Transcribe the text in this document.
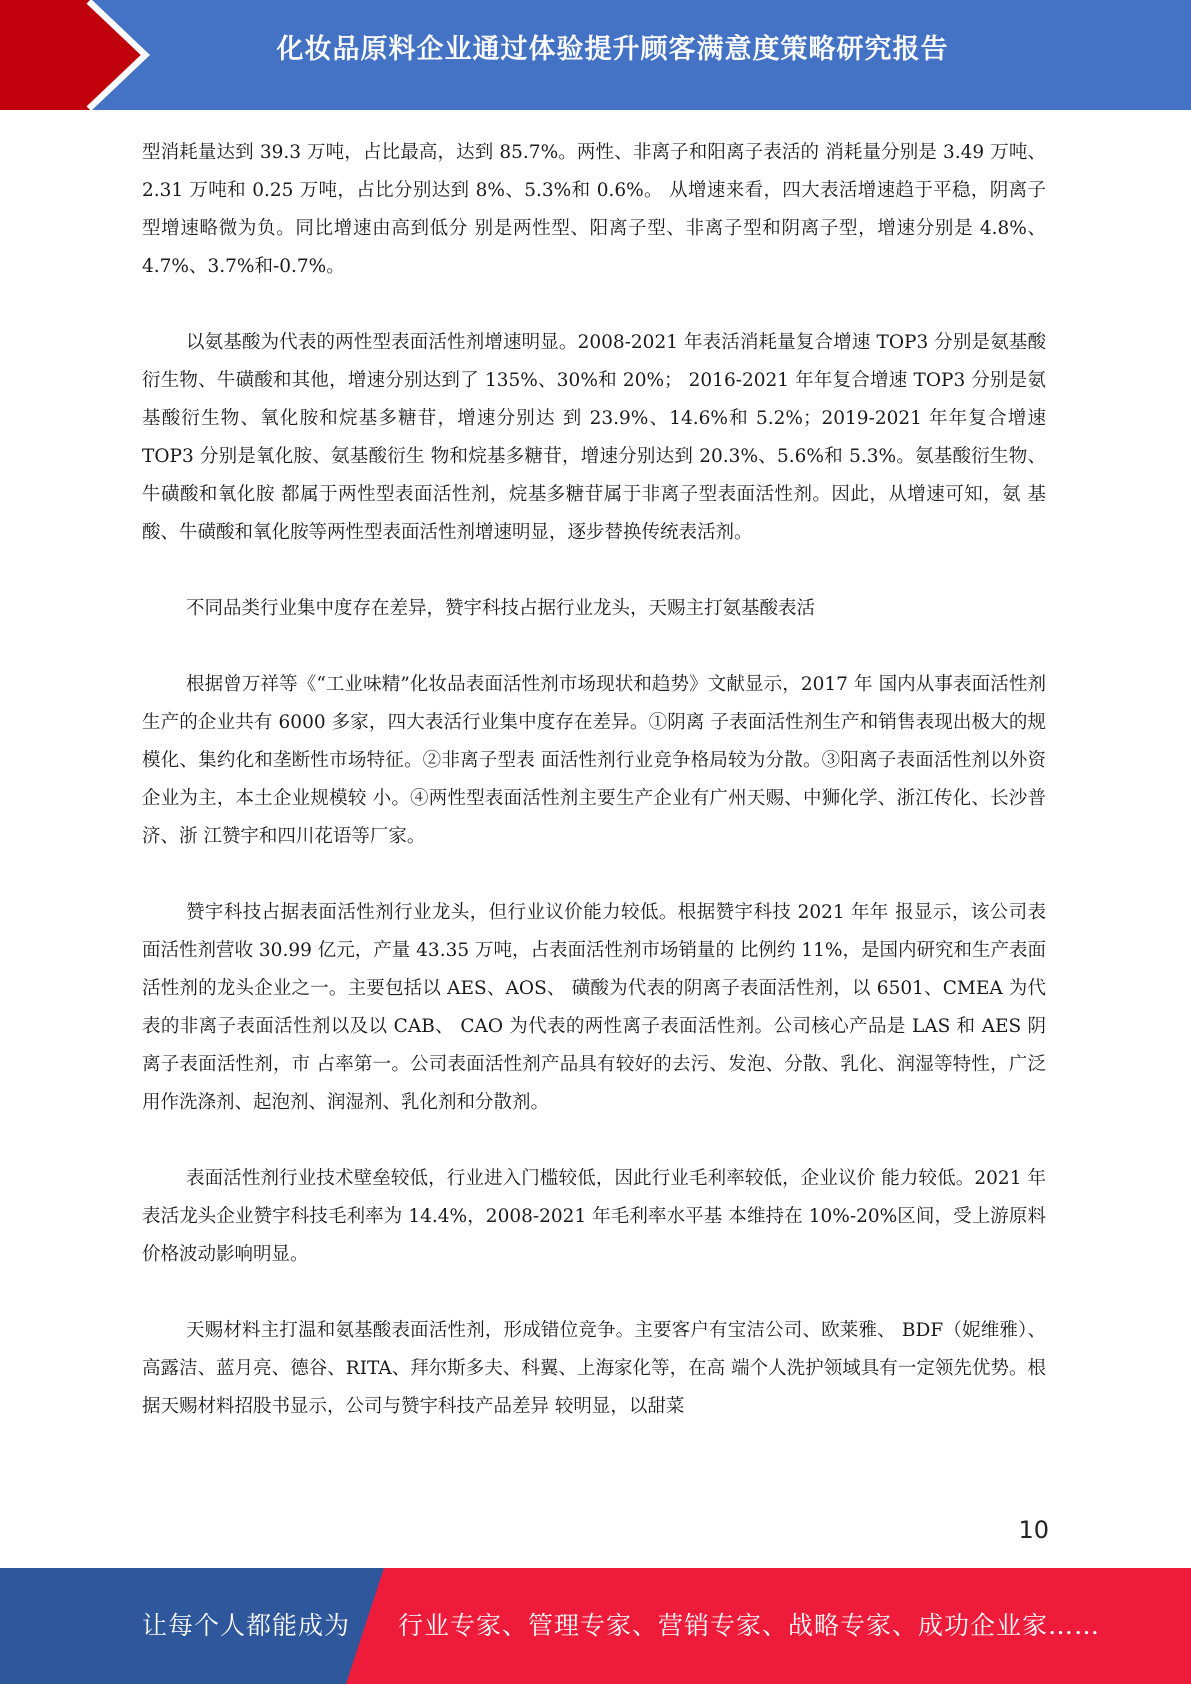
化妆品原料企业通过体验提升顾客满意度策略研究报告

型消耗量达到 39.3 万吨，占比最高，达到 85.7%。两性、非离子和阳离子表活的 消耗量分别是 3.49 万吨、2.31 万吨和 0.25 万吨，占比分别达到 8%、5.3%和 0.6%。 从增速来看，四大表活增速趋于平稳，阴离子型增速略微为负。同比增速由高到低分 别是两性型、阳离子型、非离子型和阴离子型，增速分别是 4.8%、4.7%、3.7%和-0.7%。

以氨基酸为代表的两性型表面活性剂增速明显。2008-2021 年表活消耗量复合增速 TOP3 分别是氨基酸衍生物、牛磺酸和其他，增速分别达到了 135%、30%和 20%； 2016-2021 年年复合增速 TOP3 分别是氨基酸衍生物、氧化胺和烷基多糖苷，增速分别达 到 23.9%、14.6%和 5.2%；2019-2021 年年复合增速 TOP3 分别是氧化胺、氨基酸衍生 物和烷基多糖苷，增速分别达到 20.3%、5.6%和 5.3%。氨基酸衍生物、牛磺酸和氧化胺 都属于两性型表面活性剂，烷基多糖苷属于非离子型表面活性剂。因此，从增速可知，氨 基酸、牛磺酸和氧化胺等两性型表面活性剂增速明显，逐步替换传统表活剂。

不同品类行业集中度存在差异，赞宇科技占据行业龙头，天赐主打氨基酸表活

根据曾万祥等《“工业味精”化妆品表面活性剂市场现状和趋势》文献显示，2017 年 国内从事表面活性剂生产的企业共有 6000 多家，四大表活行业集中度存在差异。①阴离 子表面活性剂生产和销售表现出极大的规模化、集约化和垄断性市场特征。②非离子型表 面活性剂行业竞争格局较为分散。③阳离子表面活性剂以外资企业为主，本土企业规模较 小。④两性型表面活性剂主要生产企业有广州天赐、中狮化学、浙江传化、长沙普济、浙 江赞宇和四川花语等厂家。

赞宇科技占据表面活性剂行业龙头，但行业议价能力较低。根据赞宇科技 2021 年年 报显示，该公司表面活性剂营收 30.99 亿元，产量 43.35 万吨，占表面活性剂市场销量的 比例约 11%，是国内研究和生产表面活性剂的龙头企业之一。主要包括以 AES、AOS、 磺酸为代表的阴离子表面活性剂，以 6501、CMEA 为代表的非离子表面活性剂以及以 CAB、 CAO 为代表的两性离子表面活性剂。公司核心产品是 LAS 和 AES 阴离子表面活性剂，市 占率第一。公司表面活性剂产品具有较好的去污、发泡、分散、乳化、润湿等特性，广泛 用作洗涤剂、起泡剂、润湿剂、乳化剂和分散剂。

表面活性剂行业技术壁垒较低，行业进入门槛较低，因此行业毛利率较低，企业议价 能力较低。2021 年表活龙头企业赞宇科技毛利率为 14.4%，2008-2021 年毛利率水平基 本维持在 10%-20%区间，受上游原料价格波动影响明显。

天赐材料主打温和氨基酸表面活性剂，形成错位竞争。主要客户有宝洁公司、欧莱雅、 BDF（妮维雅）、高露洁、蓝月亮、德谷、RITA、拜尔斯多夫、科翼、上海家化等，在高 端个人洗护领域具有一定领先优势。根据天赐材料招股书显示，公司与赞宇科技产品差异 较明显，以甜菜

10
让每个人都能成为 行业专家、管理专家、营销专家、战略专家、成功企业家……
